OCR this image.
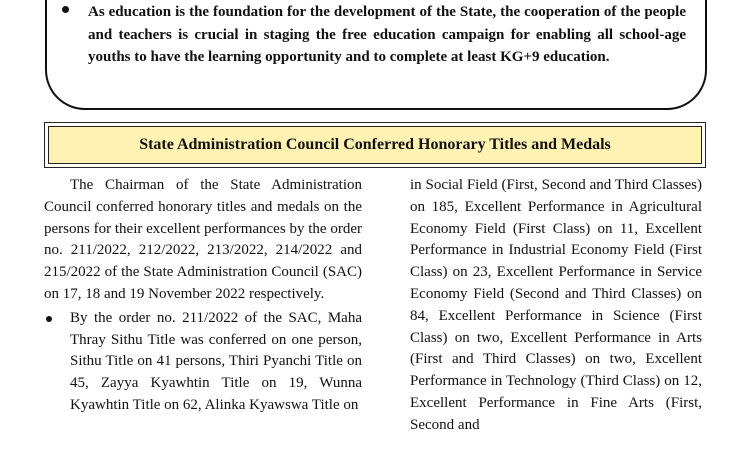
As education is the foundation for the development of the State, the cooperation of the people and teachers is crucial in staging the free education campaign for enabling all school-age youths to have the learning opportunity and to complete at least KG+9 education.

State Administration Council Conferred Honorary Titles and Medals

The Chairman of the State Administration Council conferred honorary titles and medals on the persons for their excellent performances by the order no. 211/2022, 212/2022, 213/2022, 214/2022 and 215/2022 of the State Administration Council (SAC) on 17, 18 and 19 November 2022 respectively.

By the order no. 211/2022 of the SAC, Maha Thray Sithu Title was conferred on one person, Sithu Title on 41 persons, Thiri Pyanchi Title on 45, Zayya Kyawhtin Title on 19, Wunna Kyawhtin Title on 62, Alinka Kyawswa Title on

in Social Field (First, Second and Third Classes) on 185, Excellent Performance in Agricultural Economy Field (First Class) on 11, Excellent Performance in Industrial Economy Field (First Class) on 23, Excellent Performance in Service Economy Field (Second and Third Classes) on 84, Excellent Performance in Science (First Class) on two, Excellent Performance in Arts (First and Third Classes) on two, Excellent Performance in Technology (Third Class) on 12, Excellent Performance in Fine Arts (First, Second and
